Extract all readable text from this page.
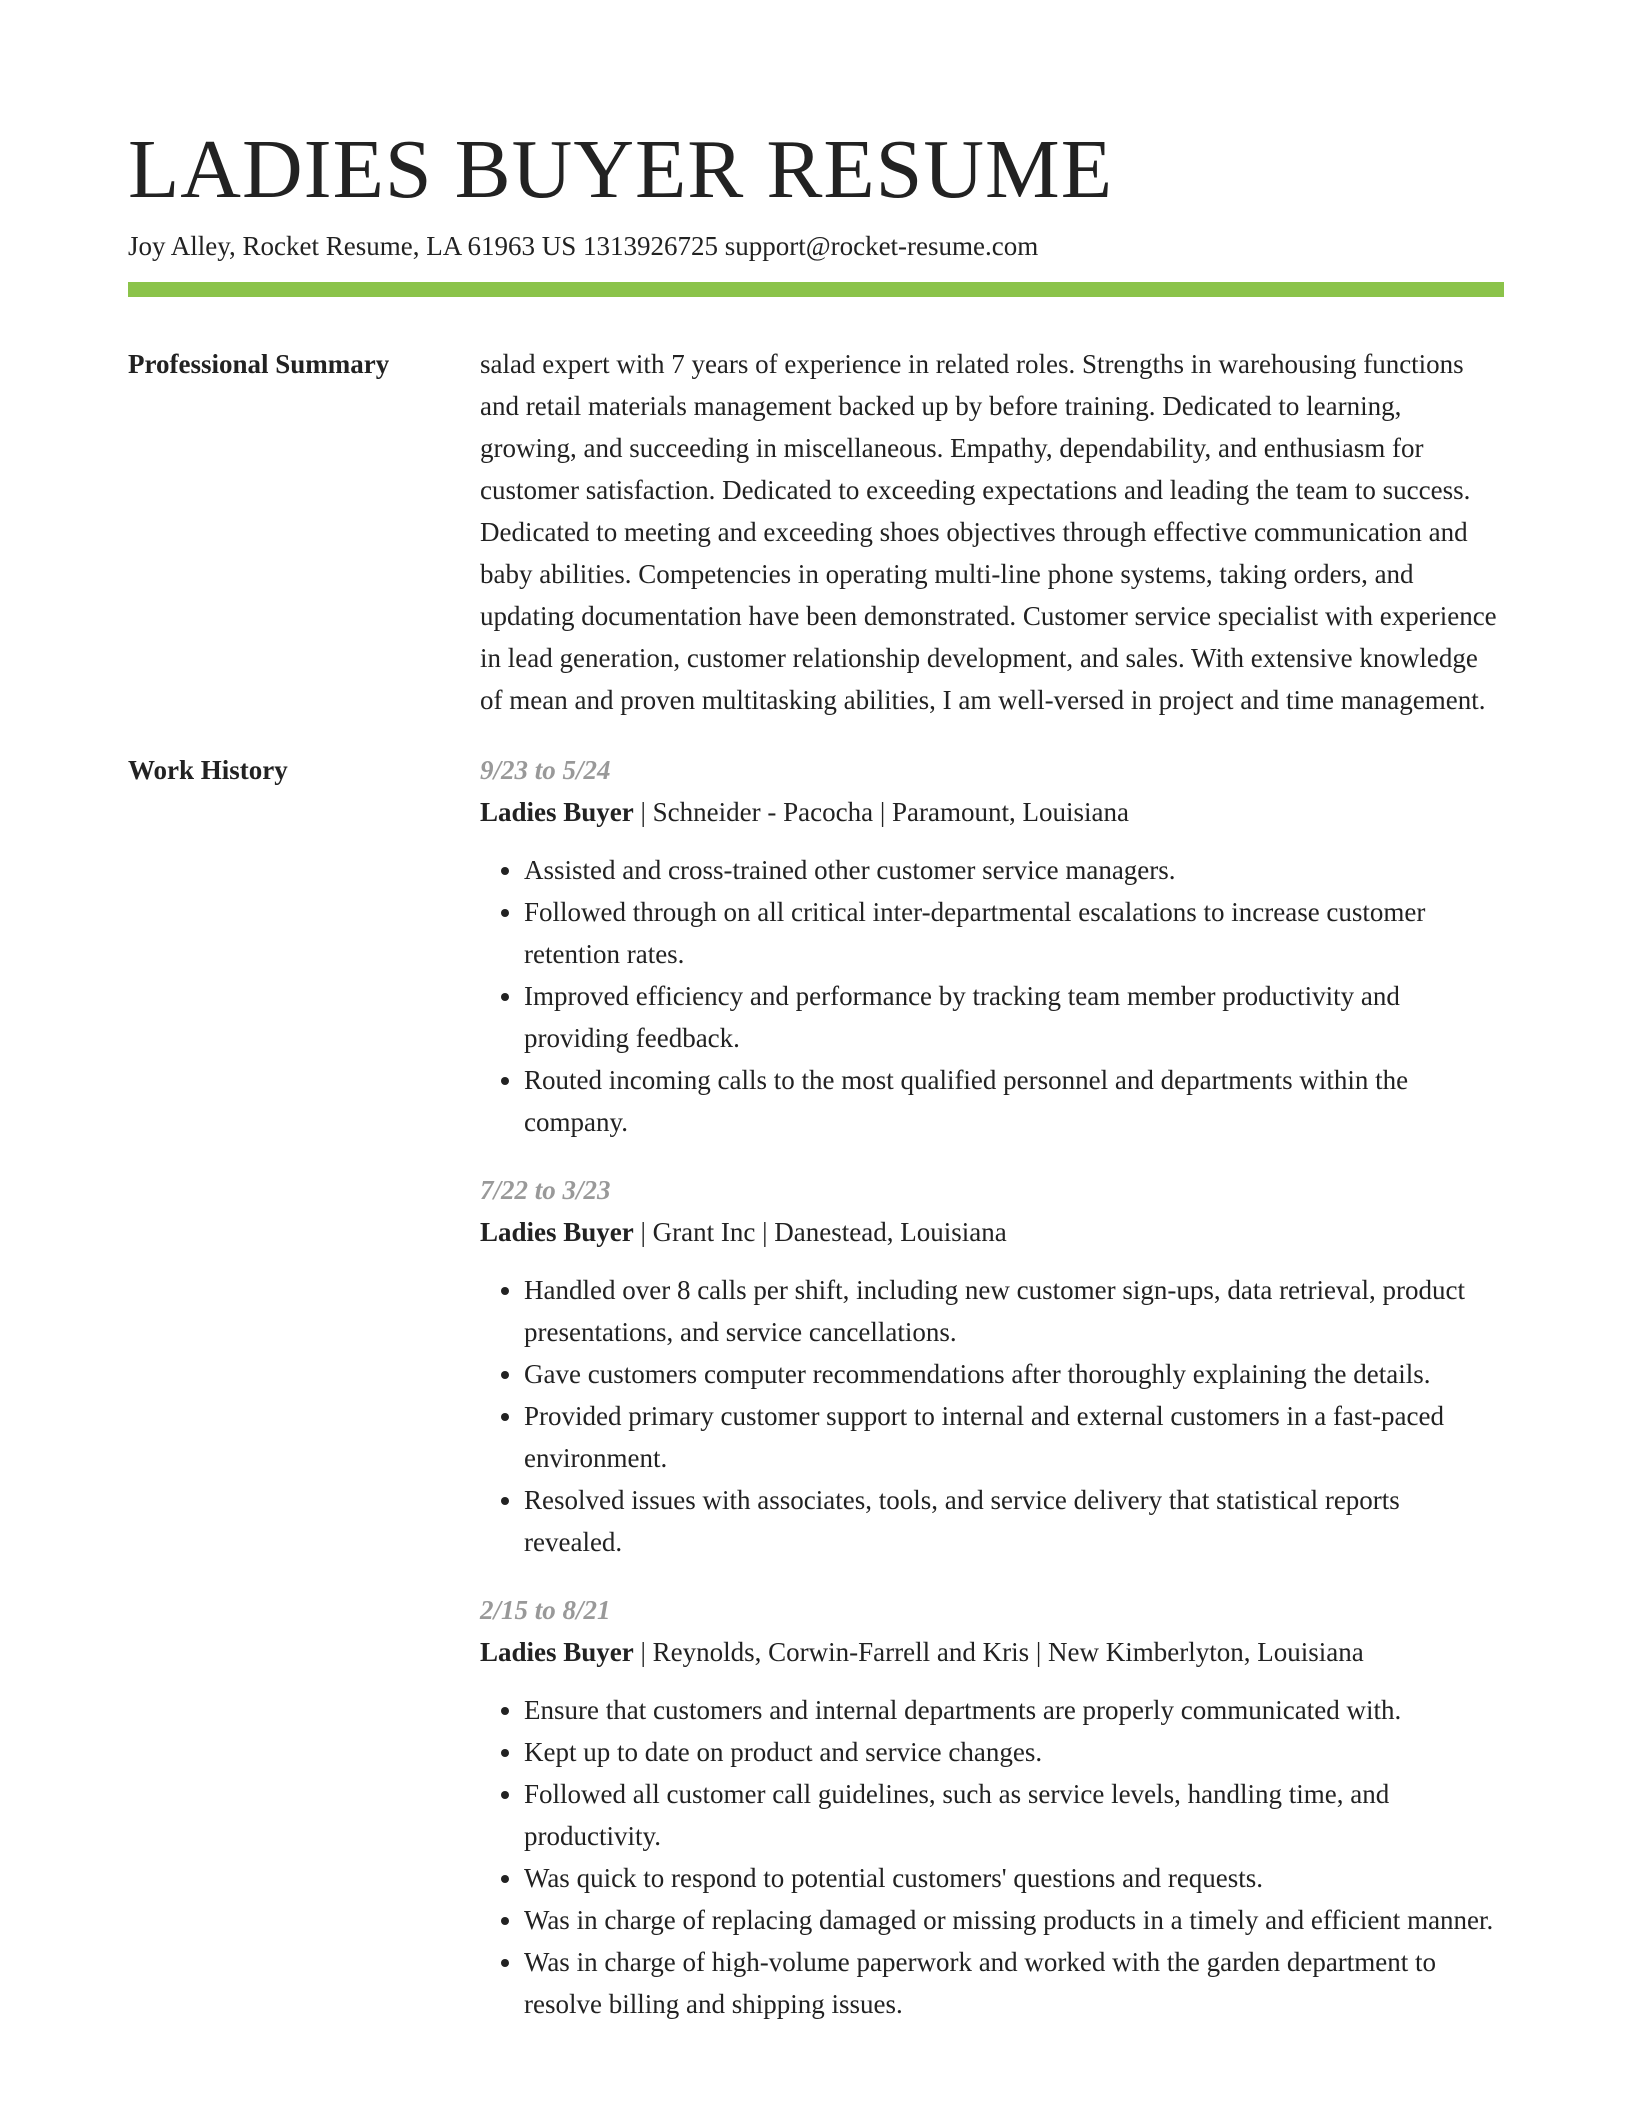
LADIES BUYER RESUME
Joy Alley, Rocket Resume, LA 61963 US 1313926725 support@rocket-resume.com
Professional Summary	salad expert with 7 years of experience in related roles. Strengths in warehousing functions and retail materials management backed up by before training. Dedicated to learning, growing, and succeeding in miscellaneous. Empathy, dependability, and enthusiasm for customer satisfaction. Dedicated to exceeding expectations and leading the team to success. Dedicated to meeting and exceeding shoes objectives through effective communication and baby abilities. Competencies in operating multi-line phone systems, taking orders, and updating documentation have been demonstrated. Customer service specialist with experience in lead generation, customer relationship development, and sales. With extensive knowledge of mean and proven multitasking abilities, I am well-versed in project and time management.

Work History	9/23 to 5/24
Ladies Buyer | Schneider - Pacocha | Paramount, Louisiana
• Assisted and cross-trained other customer service managers.
• Followed through on all critical inter-departmental escalations to increase customer retention rates.
• Improved efficiency and performance by tracking team member productivity and providing feedback.
• Routed incoming calls to the most qualified personnel and departments within the company.
7/22 to 3/23
Ladies Buyer | Grant Inc | Danestead, Louisiana
• Handled over 8 calls per shift, including new customer sign-ups, data retrieval, product presentations, and service cancellations.
• Gave customers computer recommendations after thoroughly explaining the details.
• Provided primary customer support to internal and external customers in a fast-paced environment.
• Resolved issues with associates, tools, and service delivery that statistical reports revealed.
2/15 to 8/21
Ladies Buyer | Reynolds, Corwin-Farrell and Kris | New Kimberlyton, Louisiana
• Ensure that customers and internal departments are properly communicated with.
• Kept up to date on product and service changes.
• Followed all customer call guidelines, such as service levels, handling time, and productivity.
• Was quick to respond to potential customers' questions and requests.
• Was in charge of replacing damaged or missing products in a timely and efficient manner.
• Was in charge of high-volume paperwork and worked with the garden department to resolve billing and shipping issues.
